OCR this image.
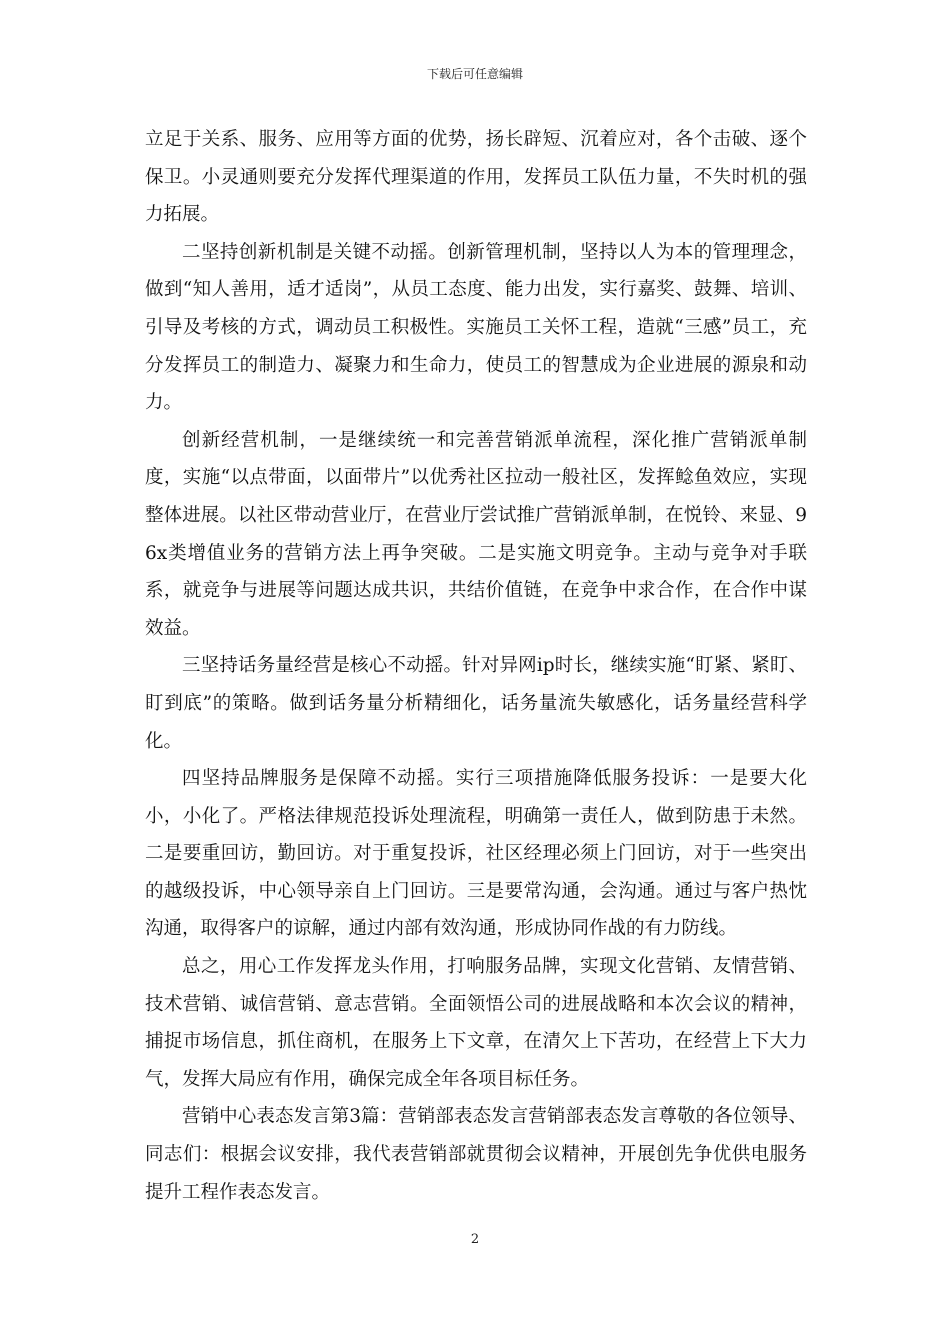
下载后可任意编辑

立足于关系、服务、应用等方面的优势，扬长辟短、沉着应对，各个击破、逐个保卫。小灵通则要充分发挥代理渠道的作用，发挥员工队伍力量，不失时机的强力拓展。

二坚持创新机制是关键不动摇。创新管理机制，坚持以人为本的管理理念，做到“知人善用，适才适岗”，从员工态度、能力出发，实行嘉奖、鼓舞、培训、引导及考核的方式，调动员工积极性。实施员工关怀工程，造就“三感”员工，充分发挥员工的制造力、凝聚力和生命力，使员工的智慧成为企业进展的源泉和动力。

创新经营机制，一是继续统一和完善营销派单流程，深化推广营销派单制度，实施“以点带面，以面带片”以优秀社区拉动一般社区，发挥鲶鱼效应，实现整体进展。以社区带动营业厅，在营业厅尝试推广营销派单制，在悦铃、来显、96x类增值业务的营销方法上再争突破。二是实施文明竞争。主动与竞争对手联系，就竞争与进展等问题达成共识，共结价值链，在竞争中求合作，在合作中谋效益。

三坚持话务量经营是核心不动摇。针对异网ip时长，继续实施“盯紧、紧盯、盯到底”的策略。做到话务量分析精细化，话务量流失敏感化，话务量经营科学化。

四坚持品牌服务是保障不动摇。实行三项措施降低服务投诉：一是要大化小，小化了。严格法律规范投诉处理流程，明确第一责任人，做到防患于未然。二是要重回访，勤回访。对于重复投诉，社区经理必须上门回访，对于一些突出的越级投诉，中心领导亲自上门回访。三是要常沟通，会沟通。通过与客户热忱沟通，取得客户的谅解，通过内部有效沟通，形成协同作战的有力防线。

总之，用心工作发挥龙头作用，打响服务品牌，实现文化营销、友情营销、技术营销、诚信营销、意志营销。全面领悟公司的进展战略和本次会议的精神，捕捉市场信息，抓住商机，在服务上下文章，在清欠上下苦功，在经营上下大力气，发挥大局应有作用，确保完成全年各项目标任务。

营销中心表态发言第3篇：营销部表态发言营销部表态发言尊敬的各位领导、同志们：根据会议安排，我代表营销部就贯彻会议精神，开展创先争优供电服务提升工程作表态发言。

2
